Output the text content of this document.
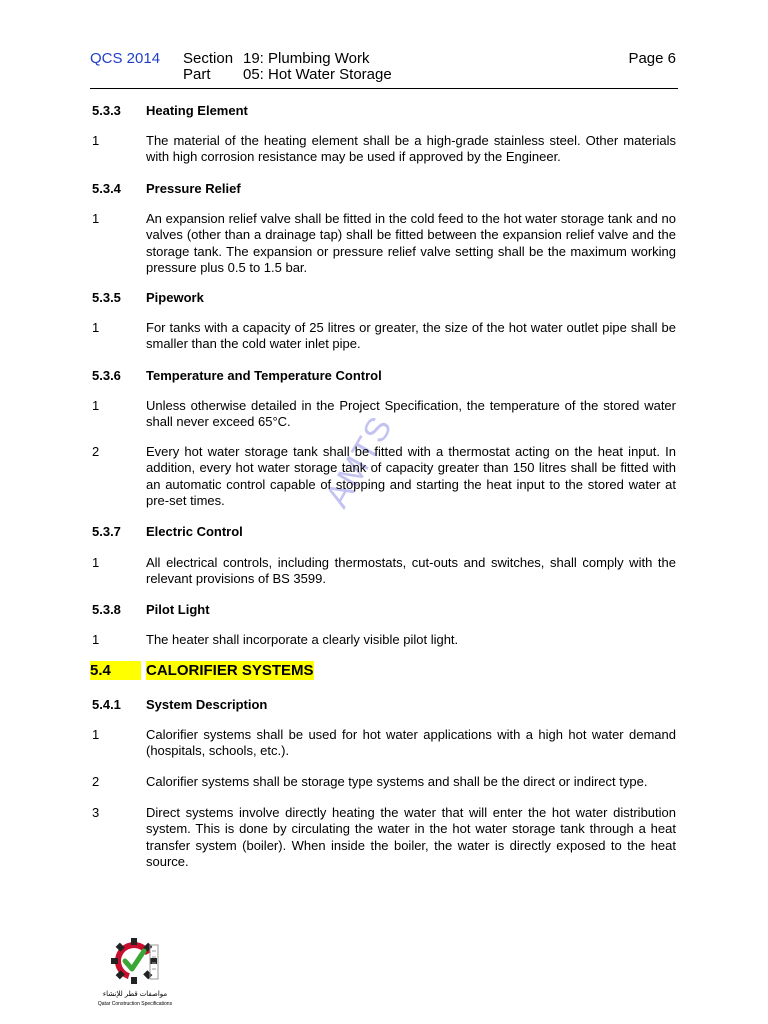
QCS 2014 Section 19: Plumbing Work
Part 05: Hot Water Storage
Page 6
AMTS
5.3.3 Heating Element
1	The material of the heating element shall be a high-grade stainless steel. Other materials with high corrosion resistance may be used if approved by the Engineer.
5.3.4 Pressure Relief
1	An expansion relief valve shall be fitted in the cold feed to the hot water storage tank and no valves (other than a drainage tap) shall be fitted between the expansion relief valve and the storage tank. The expansion or pressure relief valve setting shall be the maximum working pressure plus 0.5 to 1.5 bar.
5.3.5 Pipework
1	For tanks with a capacity of 25 litres or greater, the size of the hot water outlet pipe shall be smaller than the cold water inlet pipe.
5.3.6 Temperature and Temperature Control
1	Unless otherwise detailed in the Project Specification, the temperature of the stored water shall never exceed 65°C.
2	Every hot water storage tank shall be fitted with a thermostat acting on the heat input. In addition, every hot water storage tank of capacity greater than 150 litres shall be fitted with an automatic control capable of stopping and starting the heat input to the stored water at pre-set times.
5.3.7 Electric Control
1	All electrical controls, including thermostats, cut-outs and switches, shall comply with the relevant provisions of BS 3599.
5.3.8 Pilot Light
1	The heater shall incorporate a clearly visible pilot light.
5.4	CALORIFIER SYSTEMS
5.4.1 System Description
1	Calorifier systems shall be used for hot water applications with a high hot water demand (hospitals, schools, etc.).
2	Calorifier systems shall be storage type systems and shall be the direct or indirect type.
3	Direct systems involve directly heating the water that will enter the hot water distribution system. This is done by circulating the water in the hot water storage tank through a heat transfer system (boiler). When inside the boiler, the water is directly exposed to the heat source.
مواصفات قطر للإنشاء
Qatar Construction Specifications
